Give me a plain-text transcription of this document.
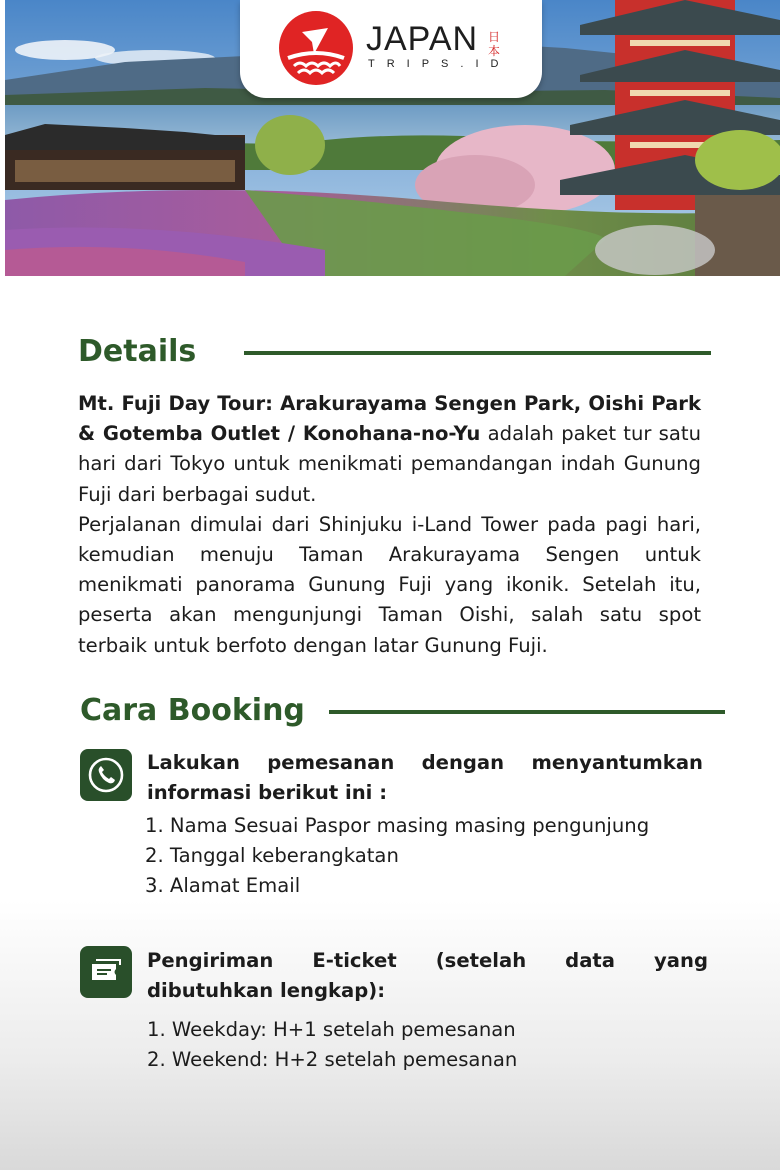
JAPAN 日本
TRIPS.ID
Details

Mt. Fuji Day Tour: Arakurayama Sengen Park, Oishi Park & Gotemba Outlet / Konohana-no-Yu adalah paket tur satu hari dari Tokyo untuk menikmati pemandangan indah Gunung Fuji dari berbagai sudut.

Perjalanan dimulai dari Shinjuku i-Land Tower pada pagi hari, kemudian menuju Taman Arakurayama Sengen untuk menikmati panorama Gunung Fuji yang ikonik. Setelah itu, peserta akan mengunjungi Taman Oishi, salah satu spot terbaik untuk berfoto dengan latar Gunung Fuji.

Cara Booking
Lakukan pemesanan dengan menyantumkan informasi berikut ini :
1. Nama Sesuai Paspor masing masing pengunjung
2. Tanggal keberangkatan
3. Alamat Email
Pengiriman E-ticket (setelah data yang dibutuhkan lengkap):
1. Weekday: H+1 setelah pemesanan
2. Weekend: H+2 setelah pemesanan
